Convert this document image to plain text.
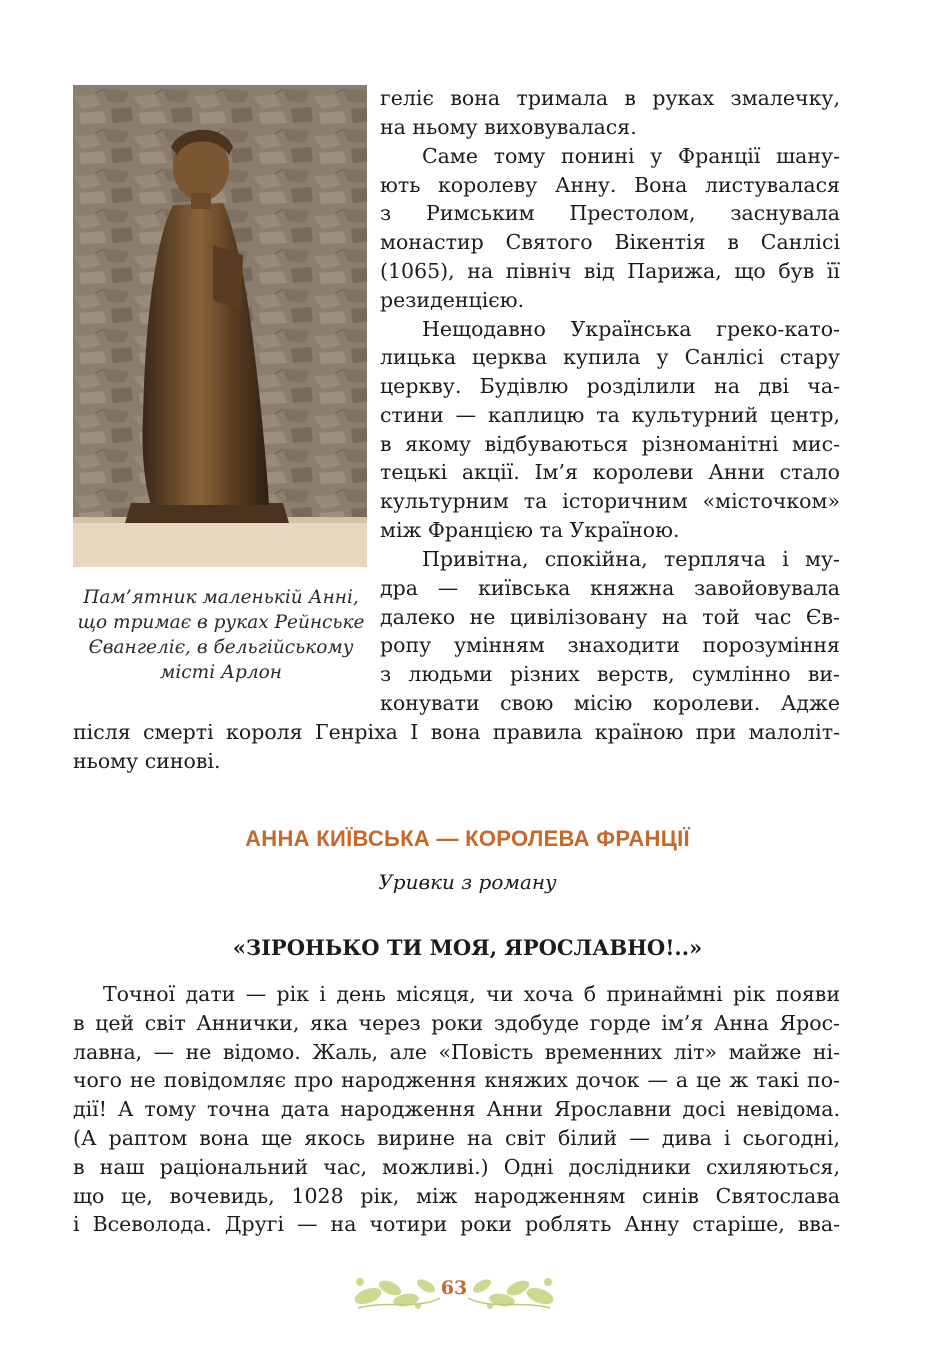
Пам’ятник маленькій Анні,
що тримає в руках Рейнське
Євангеліє, в бельгійському
місті Арлон
геліє вона тримала в руках змалечку,
на ньому виховувалася.
Саме тому понині у Франції шану-
ють королеву Анну. Вона листувалася
з Римським Престолом, заснувала
монастир Святого Вікентія в Санлісі
(1065), на північ від Парижа, що був її
резиденцією.
Нещодавно Українська греко-като-
лицька церква купила у Санлісі стару
церкву. Будівлю розділили на дві ча-
стини — каплицю та культурний центр,
в якому відбуваються різноманітні мис-
тецькі акції. Ім’я королеви Анни стало
культурним та історичним «місточком»
між Францією та Україною.
Привітна, спокійна, терпляча і му-
дра — київська княжна завойовувала
далеко не цивілізовану на той час Єв-
ропу умінням знаходити порозуміння
з людьми різних верств, сумлінно ви-
конувати свою місію королеви. Адже
після смерті короля Генріха І вона правила країною при малоліт-
ньому синові.
АННА КИЇВСЬКА — КОРОЛЕВА ФРАНЦІЇ
Уривки з роману
«ЗІРОНЬКО ТИ МОЯ, ЯРОСЛАВНО!..»
Точної дати — рік і день місяця, чи хоча б принаймні рік появи
в цей світ Аннички, яка через роки здобуде горде ім’я Анна Ярос-
лавна, — не відомо. Жаль, але «Повість временних літ» майже ні-
чого не повідомляє про народження княжих дочок — а це ж такі по-
дії! А тому точна дата народження Анни Ярославни досі невідома.
(А раптом вона ще якось вирине на світ білий — дива і сьогодні,
в наш раціональний час, можливі.) Одні дослідники схиляються,
що це, вочевидь, 1028 рік, між народженням синів Святослава
і Всеволода. Другі — на чотири роки роблять Анну старіше, вва-
63
